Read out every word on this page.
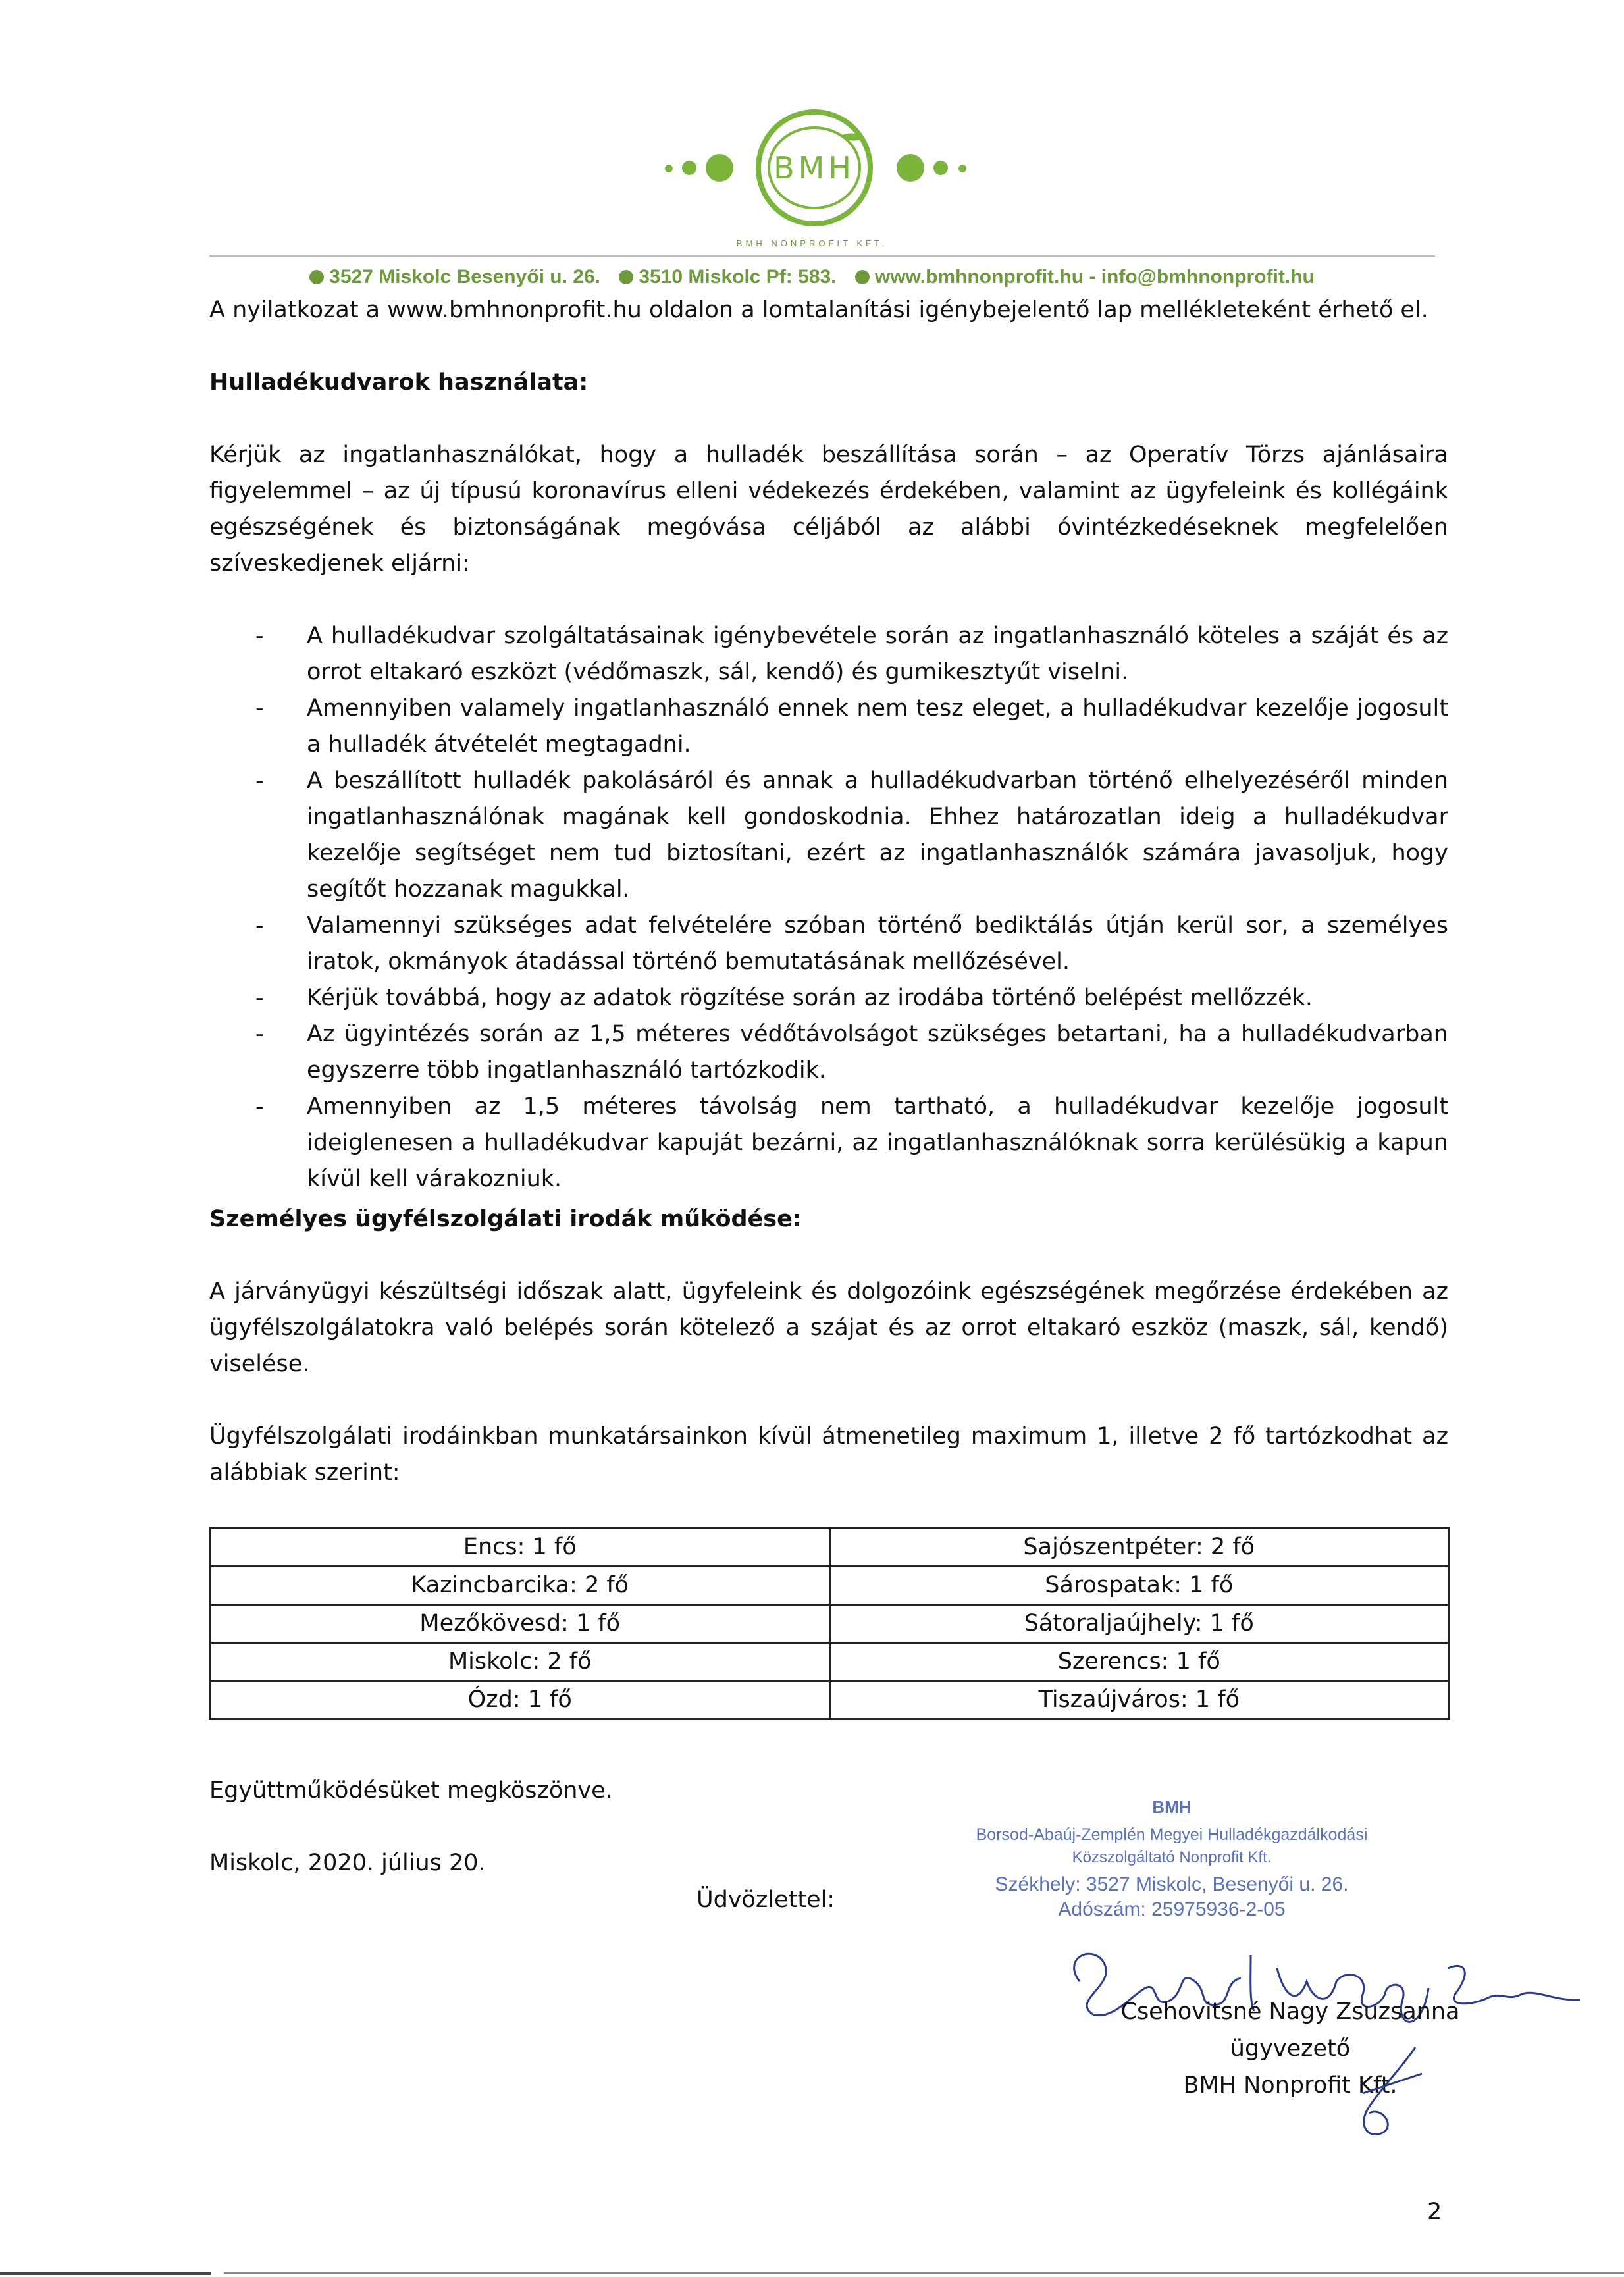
BMH
BMH NONPROFIT KFT.
3527 Miskolc Besenyői u. 26. 3510 Miskolc Pf: 583. www.bmhnonprofit.hu - info@bmhnonprofit.hu

A nyilatkozat a www.bmhnonprofit.hu oldalon a lomtalanítási igénybejelentő lap mellékleteként érhető el.

Hulladékudvarok használata:

Kérjük az ingatlanhasználókat, hogy a hulladék beszállítása során – az Operatív Törzs ajánlásaira figyelemmel – az új típusú koronavírus elleni védekezés érdekében, valamint az ügyfeleink és kollégáink egészségének és biztonságának megóvása céljából az alábbi óvintézkedéseknek megfelelően szíveskedjenek eljárni:

- A hulladékudvar szolgáltatásainak igénybevétele során az ingatlanhasználó köteles a száját és az orrot eltakaró eszközt (védőmaszk, sál, kendő) és gumikesztyűt viselni.
- Amennyiben valamely ingatlanhasználó ennek nem tesz eleget, a hulladékudvar kezelője jogosult a hulladék átvételét megtagadni.
- A beszállított hulladék pakolásáról és annak a hulladékudvarban történő elhelyezéséről minden ingatlanhasználónak magának kell gondoskodnia. Ehhez határozatlan ideig a hulladékudvar kezelője segítséget nem tud biztosítani, ezért az ingatlanhasználók számára javasoljuk, hogy segítőt hozzanak magukkal.
- Valamennyi szükséges adat felvételére szóban történő bediktálás útján kerül sor, a személyes iratok, okmányok átadással történő bemutatásának mellőzésével.
- Kérjük továbbá, hogy az adatok rögzítése során az irodába történő belépést mellőzzék.
- Az ügyintézés során az 1,5 méteres védőtávolságot szükséges betartani, ha a hulladékudvarban egyszerre több ingatlanhasználó tartózkodik.
- Amennyiben az 1,5 méteres távolság nem tartható, a hulladékudvar kezelője jogosult ideiglenesen a hulladékudvar kapuját bezárni, az ingatlanhasználóknak sorra kerülésükig a kapun kívül kell várakozniuk.

Személyes ügyfélszolgálati irodák működése:

A járványügyi készültségi időszak alatt, ügyfeleink és dolgozóink egészségének megőrzése érdekében az ügyfélszolgálatokra való belépés során kötelező a szájat és az orrot eltakaró eszköz (maszk, sál, kendő) viselése.

Ügyfélszolgálati irodáinkban munkatársainkon kívül átmenetileg maximum 1, illetve 2 fő tartózkodhat az alábbiak szerint:

Encs: 1 fő	Sajószentpéter: 2 fő
Kazincbarcika: 2 fő	Sárospatak: 1 fő
Mezőkövesd: 1 fő	Sátoraljaújhely: 1 fő
Miskolc: 2 fő	Szerencs: 1 fő
Ózd: 1 fő	Tiszaújváros: 1 fő
Együttműködésüket megköszönve.
Miskolc, 2020. július 20.
Üdvözlettel:
BMH
Borsod-Abaúj-Zemplén Megyei Hulladékgazdálkodási
Közszolgáltató Nonprofit Kft.
Székhely: 3527 Miskolc, Besenyői u. 26.
Adószám: 25975936-2-05
Csehovitsné Nagy Zsuzsanna
ügyvezető
BMH Nonprofit Kft.
2
